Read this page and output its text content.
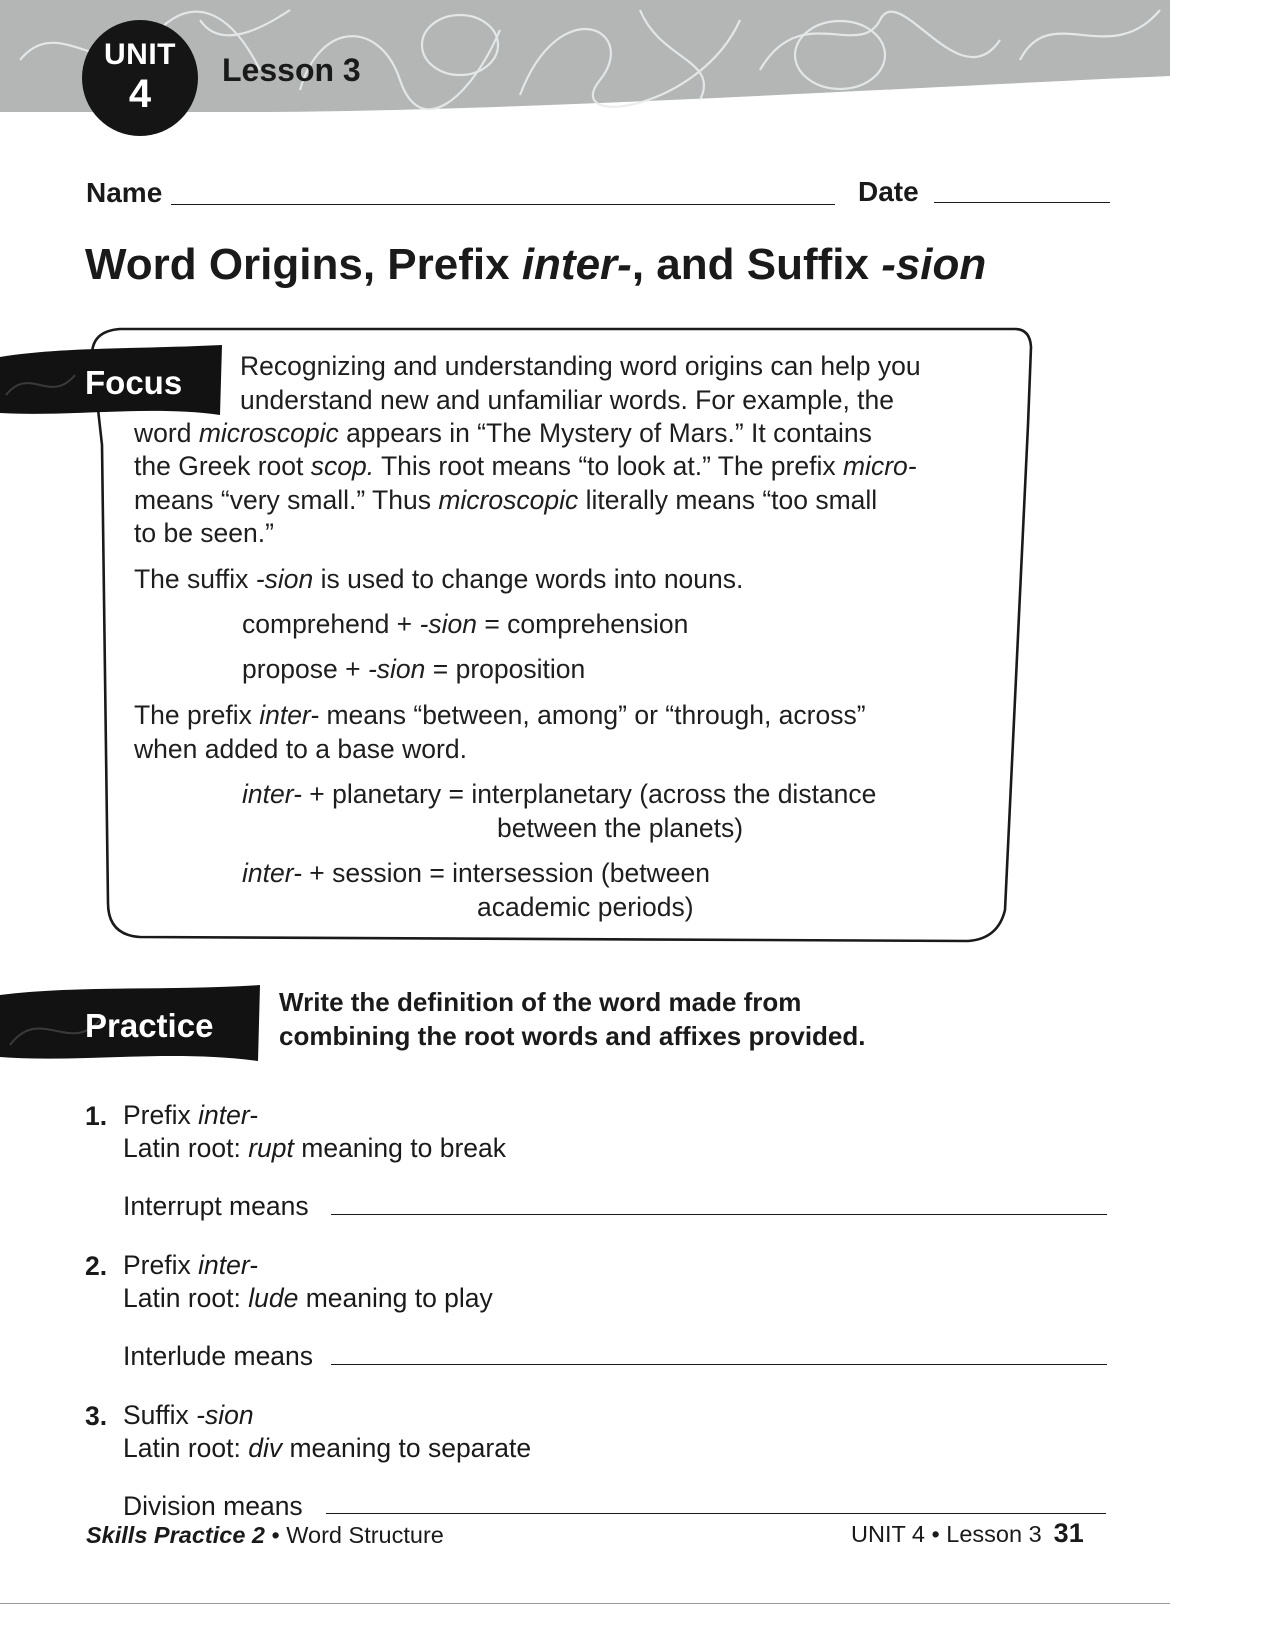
UNIT
4
Lesson 3
Name	Date
Word Origins, Prefix inter-, and Suffix -sion
Focus Recognizing and understanding word origins can help you
understand new and unfamiliar words. For example, the
word microscopic appears in “The Mystery of Mars.” It contains
the Greek root scop. This root means “to look at.” The prefix micro-
means “very small.” Thus microscopic literally means “too small
to be seen.”
The suffix -sion is used to change words into nouns.
comprehend + -sion = comprehension
propose + -sion = proposition
The prefix inter- means “between, among” or “through, across”
when added to a base word.
inter- + planetary = interplanetary (across the distance
between the planets)
inter- + session = intersession (between
academic periods)
Practice
Write the definition of the word made from
combining the root words and affixes provided.
1. Prefix inter-
Latin root: rupt meaning to break
Interrupt means
2. Prefix inter-
Latin root: lude meaning to play
Interlude means
3. Suffix -sion
Latin root: div meaning to separate
Division means
Skills Practice 2 • Word Structure	UNIT 4 • Lesson 3 31
